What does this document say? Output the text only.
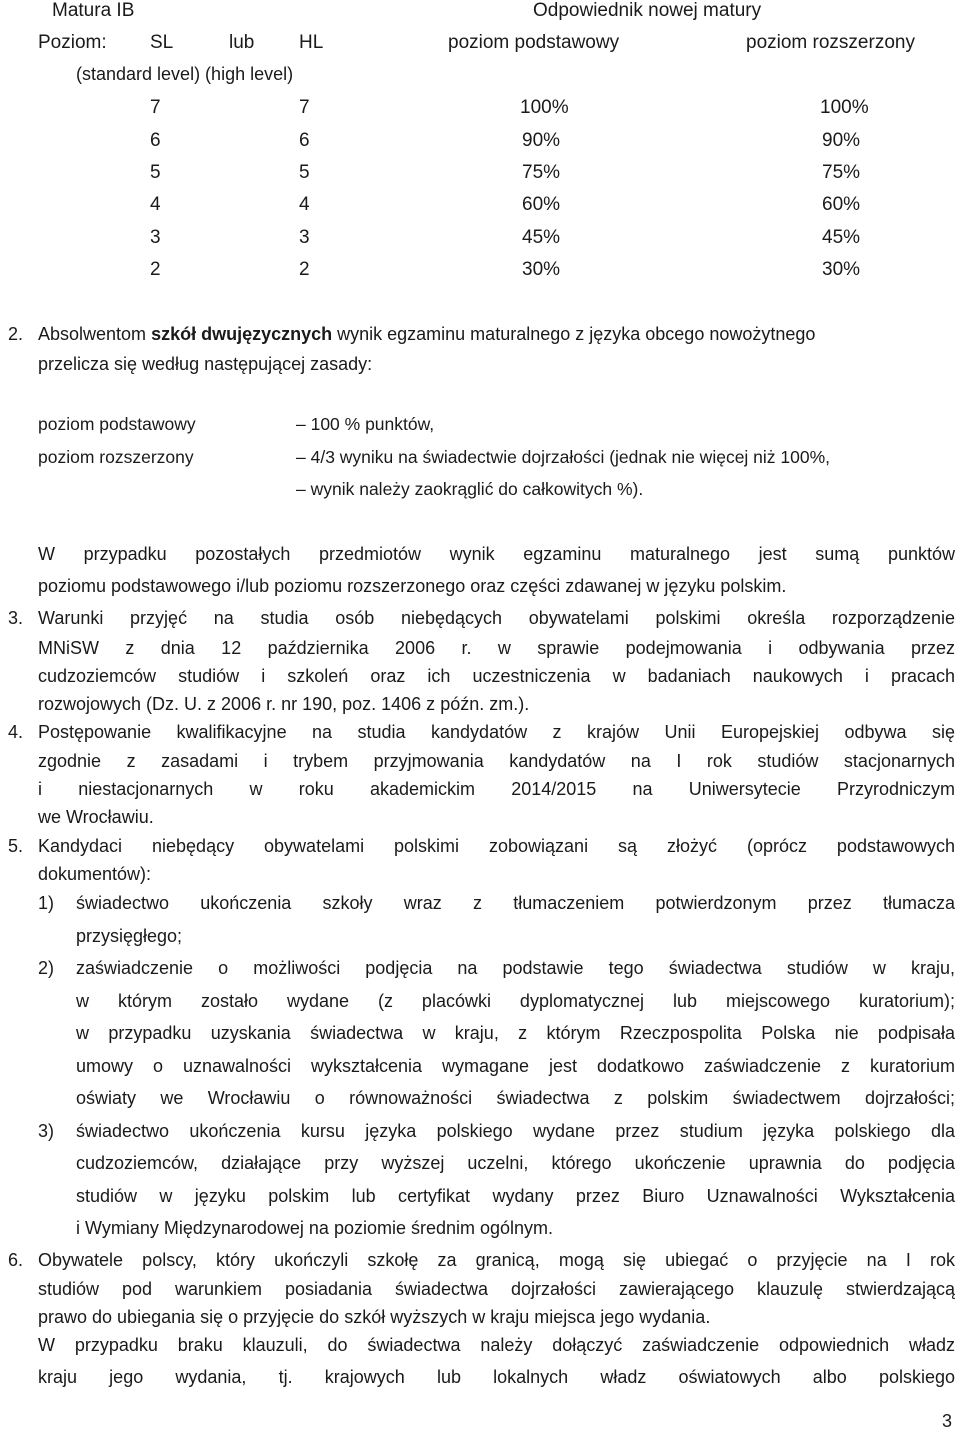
Matura IB	Odpowiednik nowej matury
Poziom: SL	lub HL	poziom podstawowy	poziom rozszerzony
(standard level) (high level)
7	7	100%	100%
6	6	90%	90%
5	5	75%	75%
4	4	60%	60%
3	3	45%	45%
2	2	30%	30%
2. Absolwentom szkół dwujęzycznych wynik egzaminu maturalnego z języka obcego nowożytnego
przelicza się według następującej zasady:
poziom podstawowy	– 100 % punktów,
poziom rozszerzony	– 4/3 wyniku na świadectwie dojrzałości (jednak nie więcej niż 100%,
– wynik należy zaokrąglić do całkowitych %).
W przypadku pozostałych przedmiotów wynik egzaminu maturalnego jest sumą punktów
poziomu podstawowego i/lub poziomu rozszerzonego oraz części zdawanej w języku polskim.
3. Warunki przyjęć na studia osób niebędących obywatelami polskimi określa rozporządzenie
MNiSW z dnia 12 października 2006 r. w sprawie podejmowania i odbywania przez
cudzoziemców studiów i szkoleń oraz ich uczestniczenia w badaniach naukowych i pracach
rozwojowych (Dz. U. z 2006 r. nr 190, poz. 1406 z późn. zm.).
4. Postępowanie kwalifikacyjne na studia kandydatów z krajów Unii Europejskiej odbywa się
zgodnie z zasadami i trybem przyjmowania kandydatów na I rok studiów stacjonarnych
i niestacjonarnych w roku akademickim 2014/2015 na Uniwersytecie Przyrodniczym
we Wrocławiu.
5. Kandydaci niebędący obywatelami polskimi zobowiązani są złożyć (oprócz podstawowych
dokumentów):
1) świadectwo ukończenia szkoły wraz z tłumaczeniem potwierdzonym przez tłumacza
przysięgłego;
2) zaświadczenie o możliwości podjęcia na podstawie tego świadectwa studiów w kraju,
w którym zostało wydane (z placówki dyplomatycznej lub miejscowego kuratorium);
w przypadku uzyskania świadectwa w kraju, z którym Rzeczpospolita Polska nie podpisała
umowy o uznawalności wykształcenia wymagane jest dodatkowo zaświadczenie z kuratorium
oświaty we Wrocławiu o równoważności świadectwa z polskim świadectwem dojrzałości;
3) świadectwo ukończenia kursu języka polskiego wydane przez studium języka polskiego dla
cudzoziemców, działające przy wyższej uczelni, którego ukończenie uprawnia do podjęcia
studiów w języku polskim lub certyfikat wydany przez Biuro Uznawalności Wykształcenia
i Wymiany Międzynarodowej na poziomie średnim ogólnym.
6. Obywatele polscy, który ukończyli szkołę za granicą, mogą się ubiegać o przyjęcie na I rok
studiów pod warunkiem posiadania świadectwa dojrzałości zawierającego klauzulę stwierdzającą
prawo do ubiegania się o przyjęcie do szkół wyższych w kraju miejsca jego wydania.
W przypadku braku klauzuli, do świadectwa należy dołączyć zaświadczenie odpowiednich władz
kraju jego wydania, tj. krajowych lub lokalnych władz oświatowych albo polskiego
3
